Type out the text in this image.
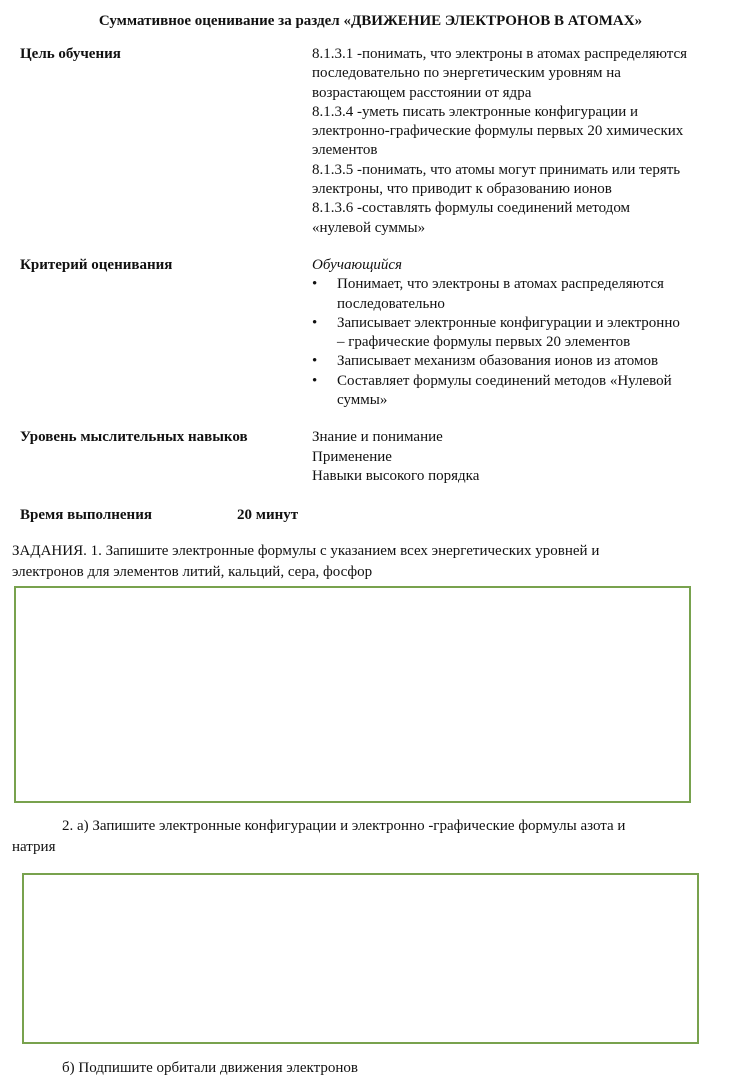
Суммативное оценивание за раздел «ДВИЖЕНИЕ ЭЛЕКТРОНОВ В АТОМАХ»
Цель обучения	8.1.3.1 -понимать, что электроны в атомах распределяются
последовательно по энергетическим уровням на
возрастающем расстоянии от ядра
8.1.3.4 -уметь писать электронные конфигурации и
электронно-графические формулы первых 20 химических
элементов
8.1.3.5 -понимать, что атомы могут принимать или терять
электроны, что приводит к образованию ионов
8.1.3.6 -составлять формулы соединений методом
«нулевой суммы»
Критерий оценивания	Обучающийся
• Понимает, что электроны в атомах распределяются
последовательно
• Записывает электронные конфигурации и электронно
– графические формулы первых 20 элементов
• Записывает механизм обазования ионов из атомов
• Составляет формулы соединений методов «Нулевой
суммы»
Уровень мыслительных навыков	Знание и понимание
Применение
Навыки высокого порядка
Время выполнения	20 минут
ЗАДАНИЯ. 1. Запишите электронные формулы с указанием всех энергетических уровней и
электронов для элементов литий, кальций, сера, фосфор
2. а) Запишите электронные конфигурации и электронно -графические формулы азота и
натрия
б) Подпишите орбитали движения электронов
